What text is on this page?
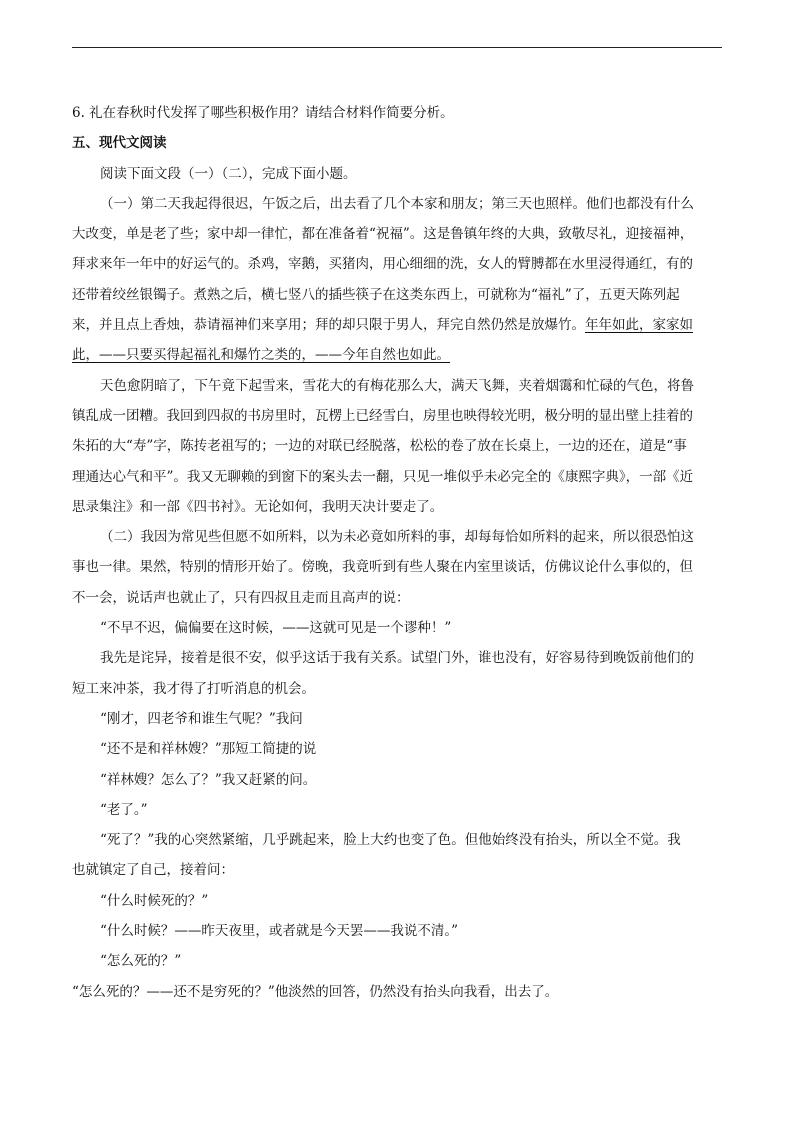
6. 礼在春秋时代发挥了哪些积极作用？请结合材料作简要分析。
五、现代文阅读
阅读下面文段（一）（二），完成下面小题。
（一）第二天我起得很迟，午饭之后，出去看了几个本家和朋友；第三天也照样。他们也都没有什么
大改变，单是老了些；家中却一律忙，都在准备着“祝福”。这是鲁镇年终的大典，致敬尽礼，迎接福神，
拜求来年一年中的好运气的。杀鸡，宰鹅，买猪肉，用心细细的洗，女人的臂膊都在水里浸得通红，有的
还带着绞丝银镯子。煮熟之后，横七竖八的插些筷子在这类东西上，可就称为“福礼”了，五更天陈列起
来，并且点上香烛，恭请福神们来享用；拜的却只限于男人，拜完自然仍然是放爆竹。年年如此，家家如
此，——只要买得起福礼和爆竹之类的，——今年自然也如此。
天色愈阴暗了，下午竟下起雪来，雪花大的有梅花那么大，满天飞舞，夹着烟霭和忙碌的气色，将鲁
镇乱成一团糟。我回到四叔的书房里时，瓦楞上已经雪白，房里也映得较光明，极分明的显出壁上挂着的
朱拓的大“寿”字，陈抟老祖写的；一边的对联已经脱落，松松的卷了放在长桌上，一边的还在，道是“事
理通达心气和平”。我又无聊赖的到窗下的案头去一翻，只见一堆似乎未必完全的《康熙字典》，一部《近
思录集注》和一部《四书衬》。无论如何，我明天决计要走了。
（二）我因为常见些但愿不如所料，以为未必竟如所料的事，却每每恰如所料的起来，所以很恐怕这
事也一律。果然，特别的情形开始了。傍晚，我竟听到有些人聚在内室里谈话，仿佛议论什么事似的，但
不一会，说话声也就止了，只有四叔且走而且高声的说：
“不早不迟，偏偏要在这时候，——这就可见是一个谬种！”
我先是诧异，接着是很不安，似乎这话于我有关系。试望门外，谁也没有，好容易待到晚饭前他们的
短工来冲茶，我才得了打听消息的机会。
“刚才，四老爷和谁生气呢？”我问
“还不是和祥林嫂？”那短工简捷的说
“祥林嫂？怎么了？”我又赶紧的问。
“老了。”
“死了？”我的心突然紧缩，几乎跳起来，脸上大约也变了色。但他始终没有抬头，所以全不觉。我
也就镇定了自己，接着问：
“什么时候死的？”
“什么时候？——昨天夜里，或者就是今天罢——我说不清。”
“怎么死的？”
“怎么死的？——还不是穷死的？”他淡然的回答，仍然没有抬头向我看，出去了。
